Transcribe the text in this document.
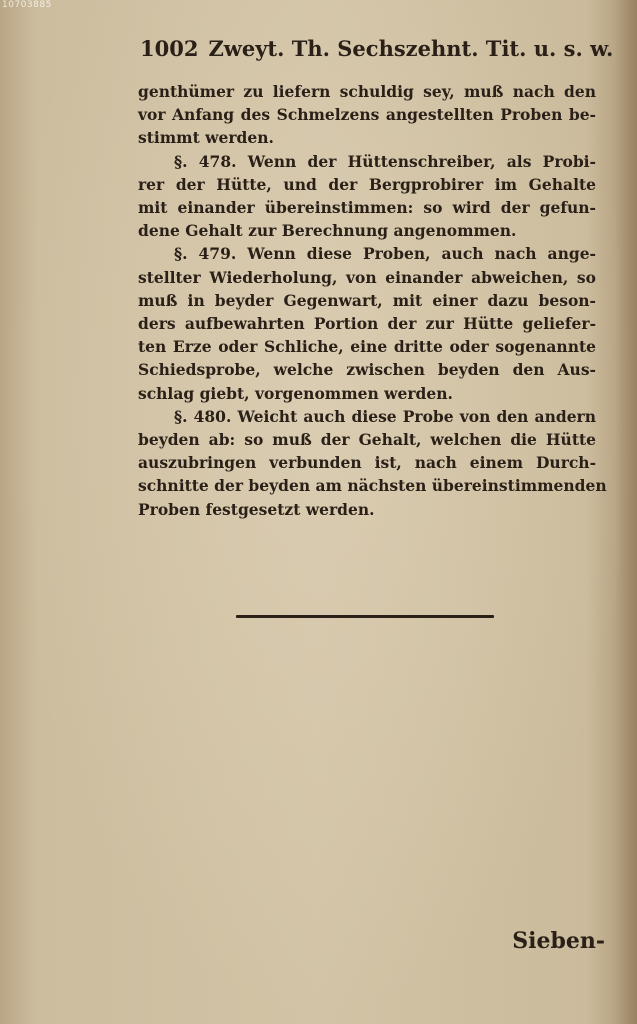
10703885
1002 Zweyt. Th. Sechszehnt. Tit. u. s. w.
genthümer zu liefern schuldig sey, muß nach den
vor Anfang des Schmelzens angestellten Proben be-
stimmt werden.
§. 478. Wenn der Hüttenschreiber, als Probi-
rer der Hütte, und der Bergprobirer im Gehalte
mit einander übereinstimmen: so wird der gefun-
dene Gehalt zur Berechnung angenommen.
§. 479. Wenn diese Proben, auch nach ange-
stellter Wiederholung, von einander abweichen, so
muß in beyder Gegenwart, mit einer dazu beson-
ders aufbewahrten Portion der zur Hütte geliefer-
ten Erze oder Schliche, eine dritte oder sogenannte
Schiedsprobe, welche zwischen beyden den Aus-
schlag giebt, vorgenommen werden.
§. 480. Weicht auch diese Probe von den andern
beyden ab: so muß der Gehalt, welchen die Hütte
auszubringen verbunden ist, nach einem Durch-
schnitte der beyden am nächsten übereinstimmenden
Proben festgesetzt werden.
Sieben-
